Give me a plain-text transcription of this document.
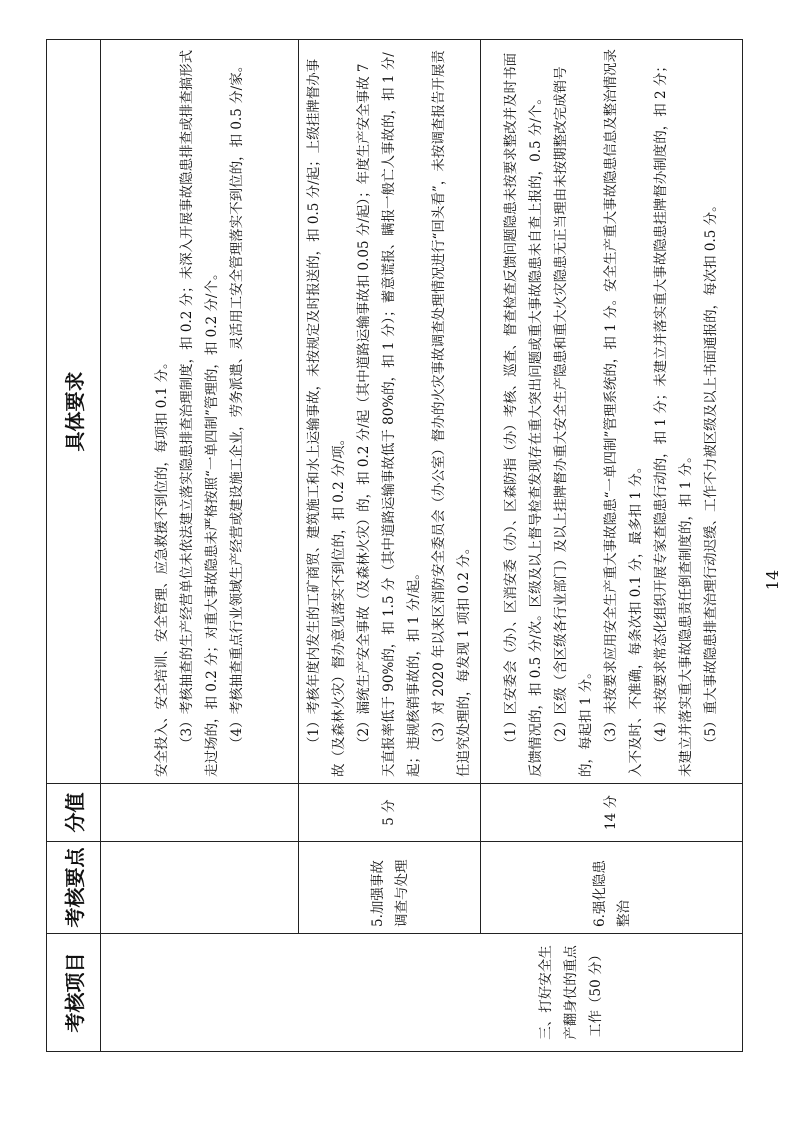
考核项目	考核要点	分值	具体要求

三、打好安全生产翻身仗的重点工作（50 分）			安全投入、安全培训、安全管理、应急救援不到位的，每项扣 0.1 分。 （3）考核抽查的生产经营单位未依法建立落实隐患排查治理制度，扣 0.2 分；未深入开展事故隐患排查或排查搞形式走过场的，扣 0.2 分；对重大事故隐患未严格按照“一单四制”管理的，扣 0.2 分/个。 （4）考核抽查重点行业领域生产经营或建设施工企业，劳务派遣、灵活用工安全管理落实不到位的，扣 0.5 分/家。

	5.加强事故调查与处理	5 分	（1）考核年度内发生的工矿商贸、建筑施工和水上运输事故，未按规定及时报送的，扣 0.5 分/起；上级挂牌督办事故（及森林火灾）督办意见落实不到位的，扣 0.2 分/项。 （2）漏统生产安全事故（及森林火灾）的，扣 0.2 分/起（其中道路运输事故扣 0.05 分/起）；年度生产安全事故 7 天直报率低于 90%的，扣 1.5 分（其中道路运输事故低于 80%的，扣 1 分）；蓄意谎报、瞒报一般亡人事故的，扣 1 分/起；违规核销事故的，扣 1 分/起。 （3）对 2020 年以来区消防安全委员会（办公室）督办的火灾事故调查处理情况进行“回头看”，未按调查报告开展责任追究处理的，每发现 1 项扣 0.2 分。

	6.强化隐患整治	14 分	（1）区安委会（办）、区消安委（办）、区森防指（办）考核、巡查、督查检查反馈问题隐患未按要求整改并及时书面反馈情况的，扣 0.5 分/次。区级及以上督导检查发现存在重大突出问题或重大事故隐患未自查上报的，0.5 分/个。 （2）区级（含区级各行业部门）及以上挂牌督办重大安全生产隐患和重大火灾隐患无正当理由未按期整改完成销号的，每起扣 1 分。 （3）未按要求应用安全生产重大事故隐患“一单四制”管理系统的，扣 1 分。安全生产重大事故隐患信息及整治情况录入不及时、不准确，每条次扣 0.1 分，最多扣 1 分。 （4）未按要求常态化组织开展专家查隐患行动的，扣 1 分；未建立并落实重大事故隐患挂牌督办制度的，扣 2 分；未建立并落实重大事故隐患责任倒查制度的，扣 1 分。 （5）重大事故隐患排查治理行动迟缓、工作不力被区级及以上书面通报的，每次扣 0.5 分。	14
